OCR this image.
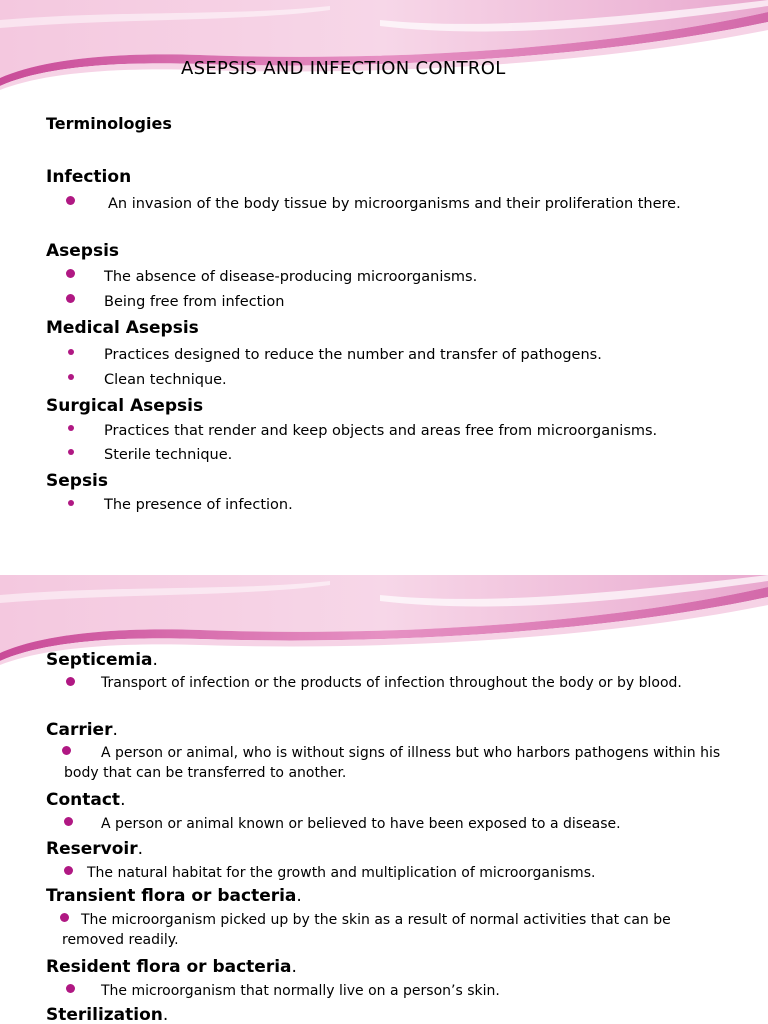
ASEPSIS AND INFECTION CONTROL
Terminologies
Infection
An invasion of the body tissue by microorganisms and their proliferation there.
Asepsis
The absence of disease-producing microorganisms.
Being free from infection
Medical Asepsis
Practices designed to reduce the number and transfer of pathogens.
Clean technique.
Surgical Asepsis
Practices that render and keep objects and areas free from microorganisms.
Sterile technique.
Sepsis
The presence of infection.
Septicemia.
Transport of infection or the products of infection throughout the body or by blood.
Carrier.
A person or animal, who is without signs of illness but who harbors pathogens within his body that can be transferred to another.
Contact.
A person or animal known or believed to have been exposed to a disease.
Reservoir.
The natural habitat for the growth and multiplication of microorganisms.
Transient flora or bacteria.
The microorganism picked up by the skin as a result of normal activities that can be removed readily.
Resident flora or bacteria.
The microorganism that normally live on a person’s skin.
Sterilization.
